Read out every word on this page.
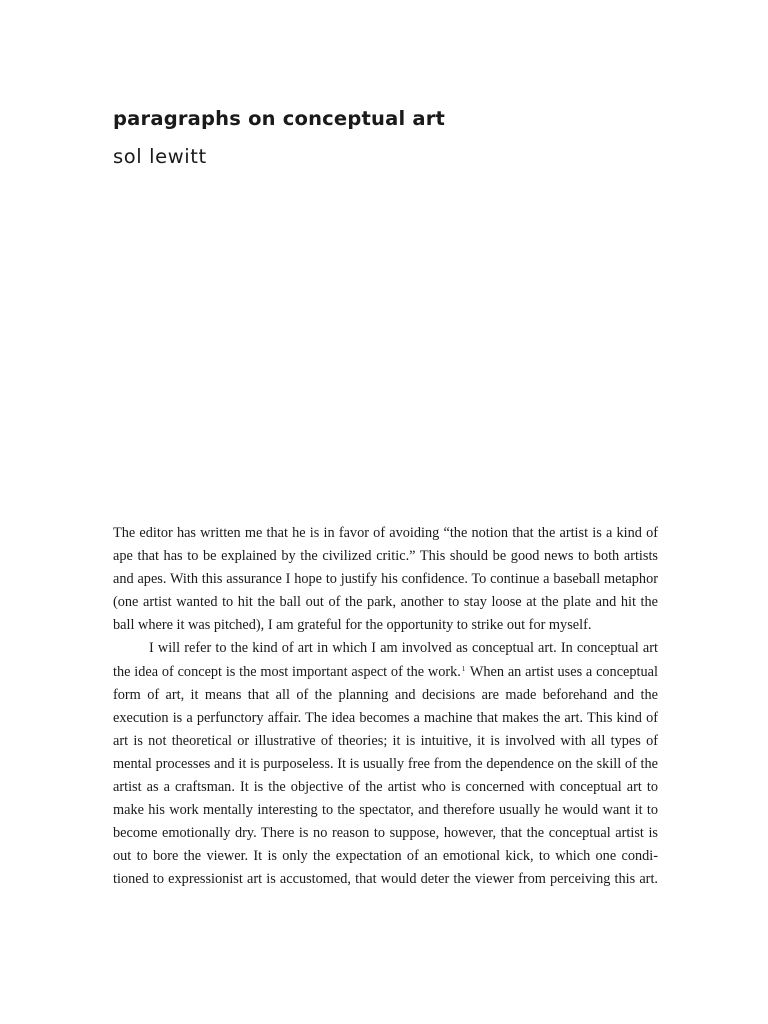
paragraphs on conceptual art
sol lewitt
The editor has written me that he is in favor of avoiding “the notion that the artist is a kind of
ape that has to be explained by the civilized critic.” This should be good news to both artists
and apes. With this assurance I hope to justify his confidence. To continue a baseball metaphor
(one artist wanted to hit the ball out of the park, another to stay loose at the plate and hit the
ball where it was pitched), I am grateful for the opportunity to strike out for myself.
I will refer to the kind of art in which I am involved as conceptual art. In conceptual art
the idea of concept is the most important aspect of the work.$^1$ When an artist uses a conceptual
form of art, it means that all of the planning and decisions are made beforehand and the
execution is a perfunctory affair. The idea becomes a machine that makes the art. This kind of
art is not theoretical or illustrative of theories; it is intuitive, it is involved with all types of
mental processes and it is purposeless. It is usually free from the dependence on the skill of the
artist as a craftsman. It is the objective of the artist who is concerned with conceptual art to
make his work mentally interesting to the spectator, and therefore usually he would want it to
become emotionally dry. There is no reason to suppose, however, that the conceptual artist is
out to bore the viewer. It is only the expectation of an emotional kick, to which one condi-
tioned to expressionist art is accustomed, that would deter the viewer from perceiving this art.
